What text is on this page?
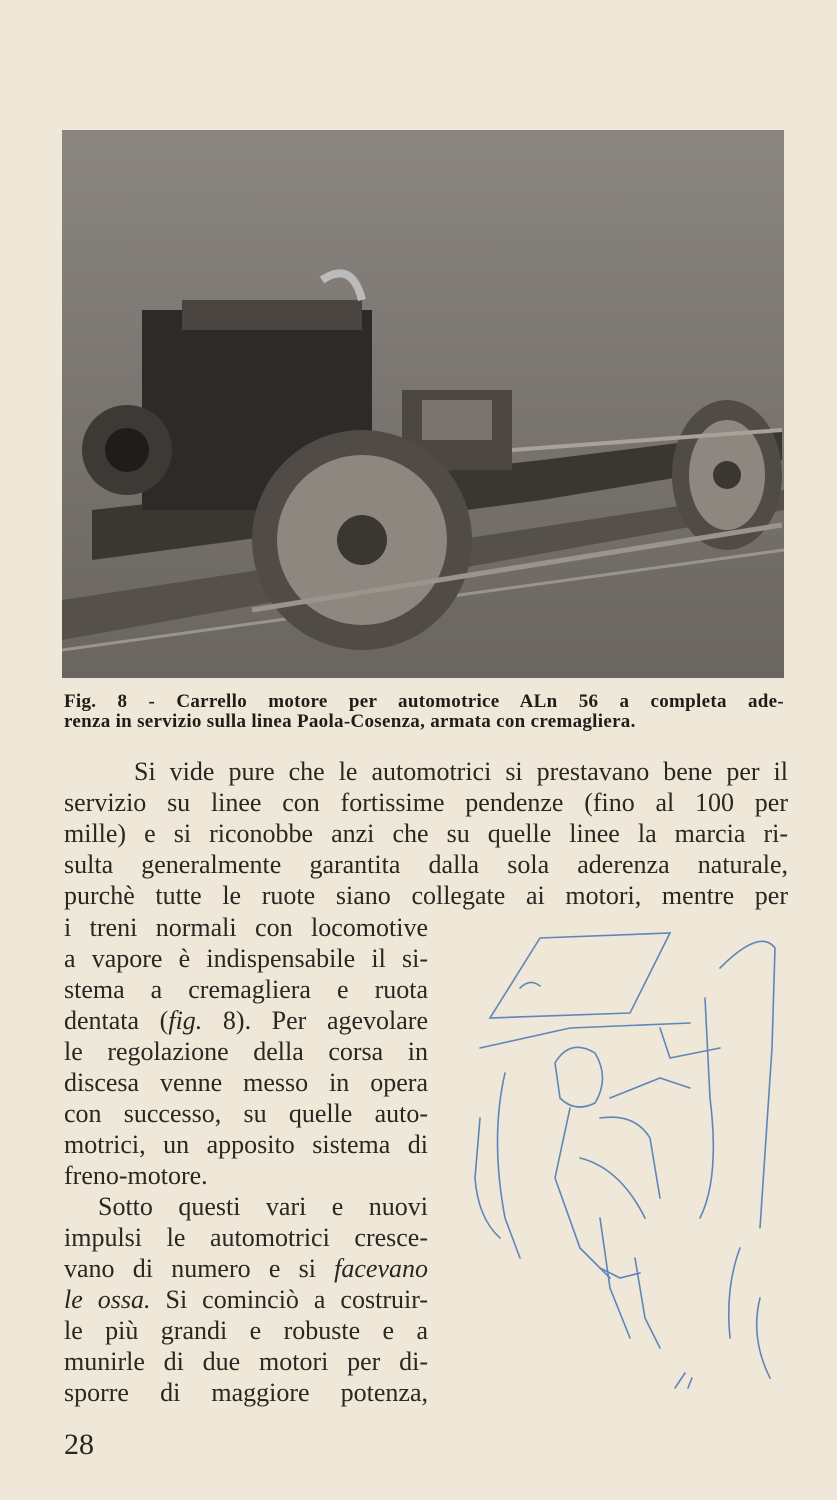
Fig. 8 - Carrello motore per automotrice ALn 56 a completa ade-
renza in servizio sulla linea Paola-Cosenza, armata con cremagliera.
Si vide pure che le automotrici si prestavano bene per il
servizio su linee con fortissime pendenze (fino al 100 per
mille) e si riconobbe anzi che su quelle linee la marcia ri-
sulta generalmente garantita dalla sola aderenza naturale,
purchè tutte le ruote siano collegate ai motori, mentre per
i treni normali con locomotive
a vapore è indispensabile il si-
stema a cremagliera e ruota
dentata (fig. 8). Per agevolare
le regolazione della corsa in
discesa venne messo in opera
con successo, su quelle auto-
motrici, un apposito sistema di
freno-motore.
Sotto questi vari e nuovi
impulsi le automotrici cresce-
vano di numero e si facevano
le ossa. Si cominciò a costruir-
le più grandi e robuste e a
munirle di due motori per di-
sporre di maggiore potenza,
28
